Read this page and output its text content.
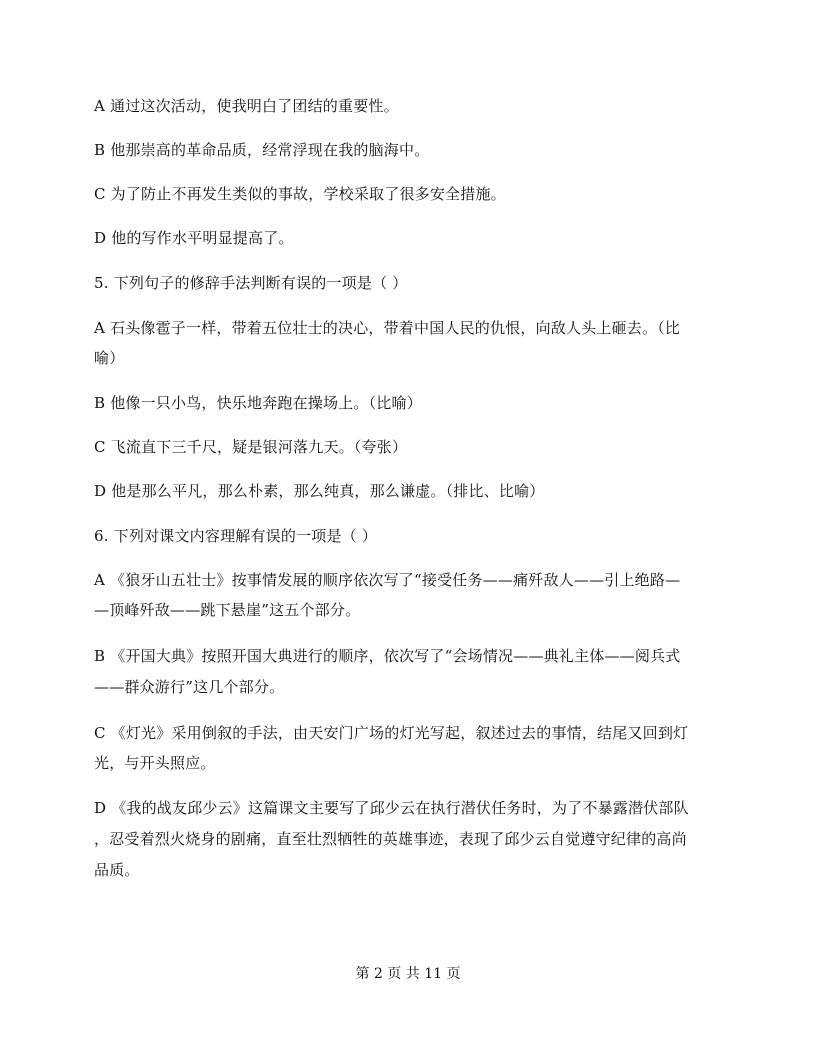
A 通过这次活动，使我明白了团结的重要性。
B 他那崇高的革命品质，经常浮现在我的脑海中。
C 为了防止不再发生类似的事故，学校采取了很多安全措施。
D 他的写作水平明显提高了。
5. 下列句子的修辞手法判断有误的一项是（ ）
A 石头像雹子一样，带着五位壮士的决心，带着中国人民的仇恨，向敌人头上砸去。（比
喻）
B 他像一只小鸟，快乐地奔跑在操场上。（比喻）
C 飞流直下三千尺，疑是银河落九天。（夸张）
D 他是那么平凡，那么朴素，那么纯真，那么谦虚。（排比、比喻）
6. 下列对课文内容理解有误的一项是（ ）
A 《狼牙山五壮士》按事情发展的顺序依次写了“接受任务——痛歼敌人——引上绝路—
—顶峰歼敌——跳下悬崖”这五个部分。
B 《开国大典》按照开国大典进行的顺序，依次写了“会场情况——典礼主体——阅兵式
——群众游行”这几个部分。
C 《灯光》采用倒叙的手法，由天安门广场的灯光写起，叙述过去的事情，结尾又回到灯
光，与开头照应。
D 《我的战友邱少云》这篇课文主要写了邱少云在执行潜伏任务时，为了不暴露潜伏部队
，忍受着烈火烧身的剧痛，直至壮烈牺牲的英雄事迹，表现了邱少云自觉遵守纪律的高尚
品质。
第 2 页 共 11 页
